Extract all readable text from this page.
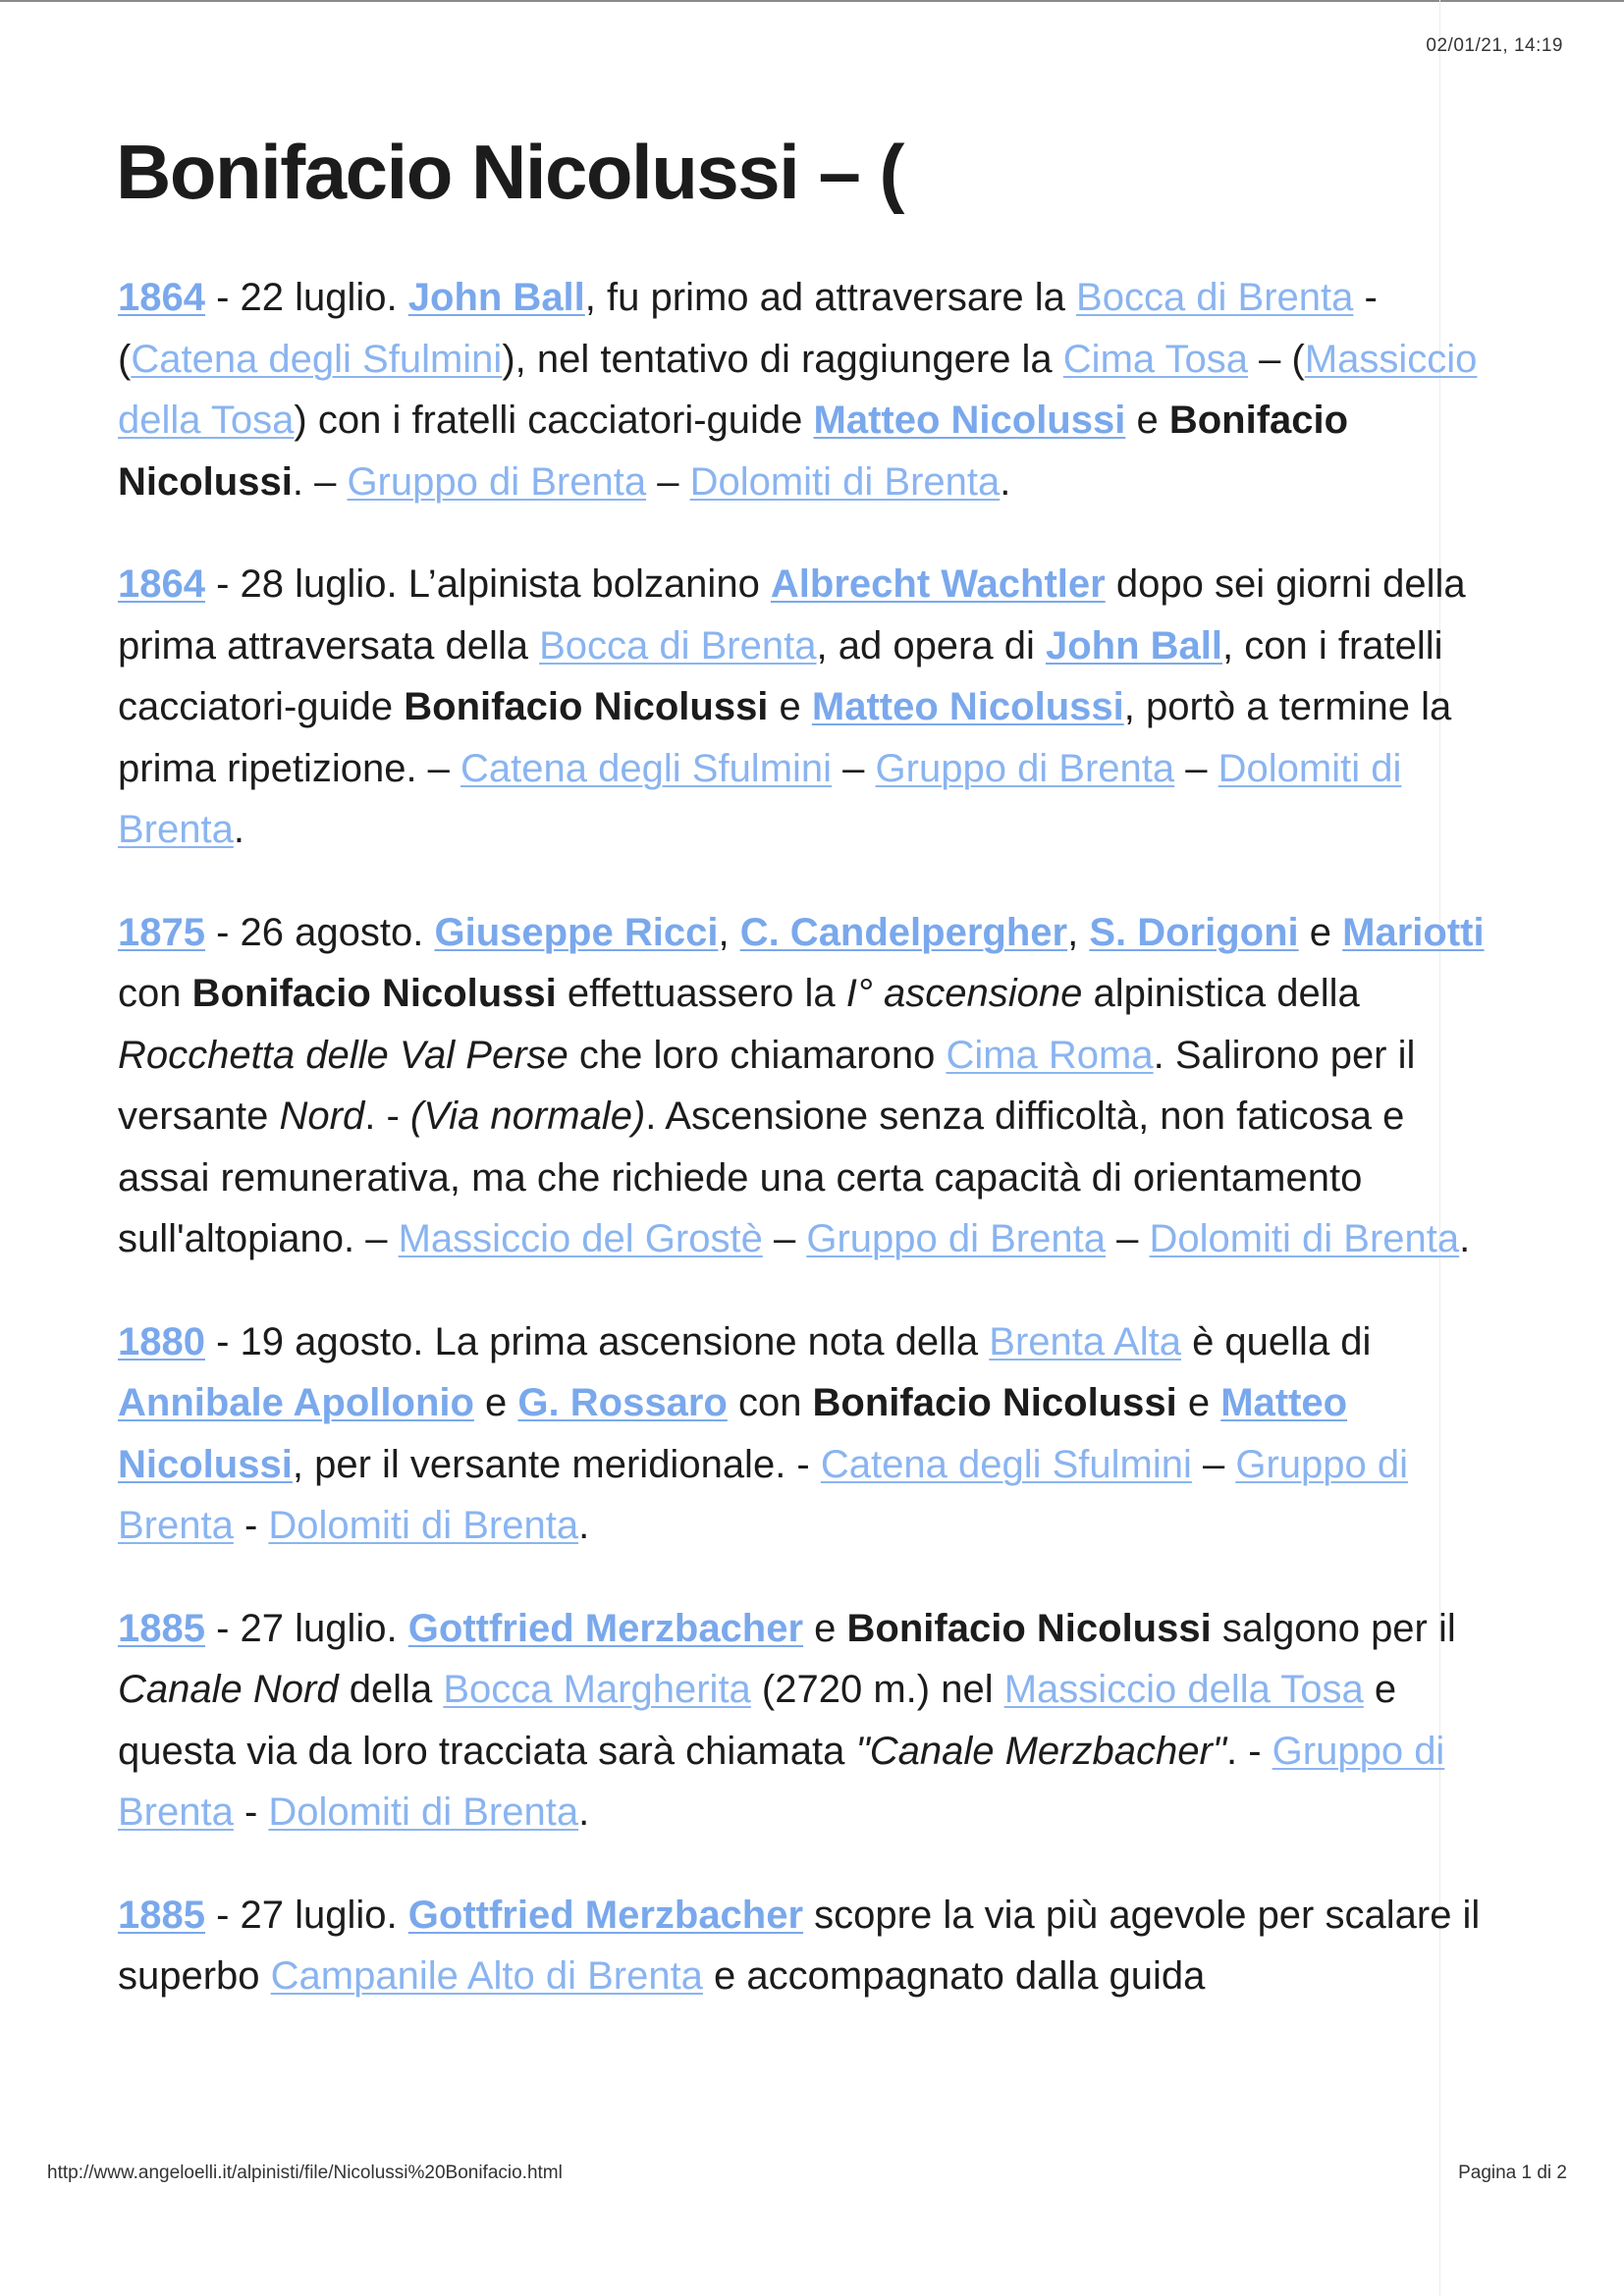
02/01/21, 14:19
Bonifacio Nicolussi – (

1864 - 22 luglio. John Ball, fu primo ad attraversare la Bocca di Brenta - (Catena degli Sfulmini), nel tentativo di raggiungere la Cima Tosa – (Massiccio della Tosa) con i fratelli cacciatori-guide Matteo Nicolussi e Bonifacio Nicolussi. – Gruppo di Brenta – Dolomiti di Brenta.

1864 - 28 luglio. L’alpinista bolzanino Albrecht Wachtler dopo sei giorni della prima attraversata della Bocca di Brenta, ad opera di John Ball, con i fratelli cacciatori-guide Bonifacio Nicolussi e Matteo Nicolussi, portò a termine la prima ripetizione. – Catena degli Sfulmini – Gruppo di Brenta – Dolomiti di Brenta.

1875 - 26 agosto. Giuseppe Ricci, C. Candelpergher, S. Dorigoni e Mariotti con Bonifacio Nicolussi effettuassero la I° ascensione alpinistica della Rocchetta delle Val Perse che loro chiamarono Cima Roma. Salirono per il versante Nord. - (Via normale). Ascensione senza difficoltà, non faticosa e assai remunerativa, ma che richiede una certa capacità di orientamento sull'altopiano. – Massiccio del Grostè – Gruppo di Brenta – Dolomiti di Brenta.

1880 - 19 agosto. La prima ascensione nota della Brenta Alta è quella di Annibale Apollonio e G. Rossaro con Bonifacio Nicolussi e Matteo Nicolussi, per il versante meridionale. - Catena degli Sfulmini – Gruppo di Brenta - Dolomiti di Brenta.

1885 - 27 luglio. Gottfried Merzbacher e Bonifacio Nicolussi salgono per il Canale Nord della Bocca Margherita (2720 m.) nel Massiccio della Tosa e questa via da loro tracciata sarà chiamata "Canale Merzbacher". - Gruppo di Brenta - Dolomiti di Brenta.

1885 - 27 luglio. Gottfried Merzbacher scopre la via più agevole per scalare il superbo Campanile Alto di Brenta e accompagnato dalla guida

http://www.angeloelli.it/alpinisti/file/Nicolussi%20Bonifacio.html	Pagina 1 di 2
